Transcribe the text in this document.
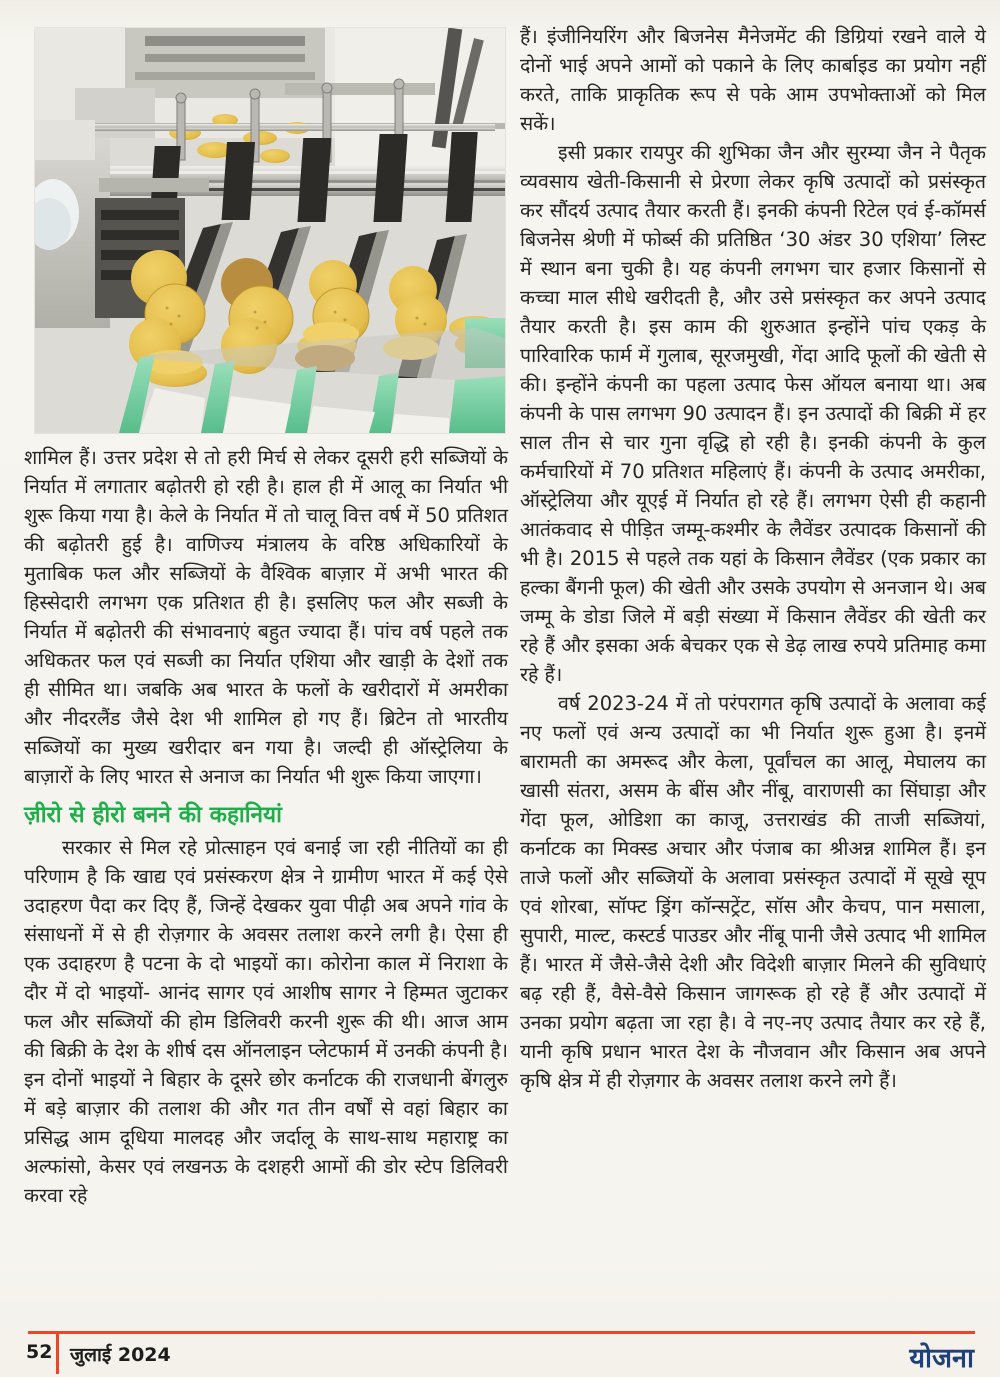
शामिल हैं। उत्तर प्रदेश से तो हरी मिर्च से लेकर दूसरी हरी सब्जियों के निर्यात में लगातार बढ़ोतरी हो रही है। हाल ही में आलू का निर्यात भी शुरू किया गया है। केले के निर्यात में तो चालू वित्त वर्ष में 50 प्रतिशत की बढ़ोतरी हुई है। वाणिज्य मंत्रालय के वरिष्ठ अधिकारियों के मुताबिक फल और सब्जियों के वैश्विक बाज़ार में अभी भारत की हिस्सेदारी लगभग एक प्रतिशत ही है। इसलिए फल और सब्जी के निर्यात में बढ़ोतरी की संभावनाएं बहुत ज्यादा हैं। पांच वर्ष पहले तक अधिकतर फल एवं सब्जी का निर्यात एशिया और खाड़ी के देशों तक ही सीमित था। जबकि अब भारत के फलों के खरीदारों में अमरीका और नीदरलैंड जैसे देश भी शामिल हो गए हैं। ब्रिटेन तो भारतीय सब्जियों का मुख्य खरीदार बन गया है। जल्दी ही ऑस्ट्रेलिया के बाज़ारों के लिए भारत से अनाज का निर्यात भी शुरू किया जाएगा।

ज़ीरो से हीरो बनने की कहानियां

सरकार से मिल रहे प्रोत्साहन एवं बनाई जा रही नीतियों का ही परिणाम है कि खाद्य एवं प्रसंस्करण क्षेत्र ने ग्रामीण भारत में कई ऐसे उदाहरण पैदा कर दिए हैं, जिन्हें देखकर युवा पीढ़ी अब अपने गांव के संसाधनों में से ही रोज़गार के अवसर तलाश करने लगी है। ऐसा ही एक उदाहरण है पटना के दो भाइयों का। कोरोना काल में निराशा के दौर में दो भाइयों- आनंद सागर एवं आशीष सागर ने हिम्मत जुटाकर फल और सब्जियों की होम डिलिवरी करनी शुरू की थी। आज आम की बिक्री के देश के शीर्ष दस ऑनलाइन प्लेटफार्म में उनकी कंपनी है। इन दोनों भाइयों ने बिहार के दूसरे छोर कर्नाटक की राजधानी बेंगलुरु में बड़े बाज़ार की तलाश की और गत तीन वर्षों से वहां बिहार का प्रसिद्ध आम दूधिया मालदह और जर्दालू के साथ-साथ महाराष्ट्र का अल्फांसो, केसर एवं लखनऊ के दशहरी आमों की डोर स्टेप डिलिवरी करवा रहे

हैं। इंजीनियरिंग और बिजनेस मैनेजमेंट की डिग्रियां रखने वाले ये दोनों भाई अपने आमों को पकाने के लिए कार्बाइड का प्रयोग नहीं करते, ताकि प्राकृतिक रूप से पके आम उपभोक्ताओं को मिल सकें।

इसी प्रकार रायपुर की शुभिका जैन और सुरम्या जैन ने पैतृक व्यवसाय खेती-किसानी से प्रेरणा लेकर कृषि उत्पादों को प्रसंस्कृत कर सौंदर्य उत्पाद तैयार करती हैं। इनकी कंपनी रिटेल एवं ई-कॉमर्स बिजनेस श्रेणी में फोर्ब्स की प्रतिष्ठित ‘30 अंडर 30 एशिया’ लिस्ट में स्थान बना चुकी है। यह कंपनी लगभग चार हजार किसानों से कच्चा माल सीधे खरीदती है, और उसे प्रसंस्कृत कर अपने उत्पाद तैयार करती है। इस काम की शुरुआत इन्होंने पांच एकड़ के पारिवारिक फार्म में गुलाब, सूरजमुखी, गेंदा आदि फूलों की खेती से की। इन्होंने कंपनी का पहला उत्पाद फेस ऑयल बनाया था। अब कंपनी के पास लगभग 90 उत्पादन हैं। इन उत्पादों की बिक्री में हर साल तीन से चार गुना वृद्धि हो रही है। इनकी कंपनी के कुल कर्मचारियों में 70 प्रतिशत महिलाएं हैं। कंपनी के उत्पाद अमरीका, ऑस्ट्रेलिया और यूएई में निर्यात हो रहे हैं। लगभग ऐसी ही कहानी आतंकवाद से पीड़ित जम्मू-कश्मीर के लैवेंडर उत्पादक किसानों की भी है। 2015 से पहले तक यहां के किसान लैवेंडर (एक प्रकार का हल्का बैंगनी फूल) की खेती और उसके उपयोग से अनजान थे। अब जम्मू के डोडा जिले में बड़ी संख्या में किसान लैवेंडर की खेती कर रहे हैं और इसका अर्क बेचकर एक से डेढ़ लाख रुपये प्रतिमाह कमा रहे हैं।

वर्ष 2023-24 में तो परंपरागत कृषि उत्पादों के अलावा कई नए फलों एवं अन्य उत्पादों का भी निर्यात शुरू हुआ है। इनमें बारामती का अमरूद और केला, पूर्वांचल का आलू, मेघालय का खासी संतरा, असम के बींस और नींबू, वाराणसी का सिंघाड़ा और गेंदा फूल, ओडिशा का काजू, उत्तराखंड की ताजी सब्जियां, कर्नाटक का मिक्स्ड अचार और पंजाब का श्रीअन्न शामिल हैं। इन ताजे फलों और सब्जियों के अलावा प्रसंस्कृत उत्पादों में सूखे सूप एवं शोरबा, सॉफ्ट ड्रिंग कॉन्सट्रेंट, सॉस और केचप, पान मसाला, सुपारी, माल्ट, कस्टर्ड पाउडर और नींबू पानी जैसे उत्पाद भी शामिल हैं। भारत में जैसे-जैसे देशी और विदेशी बाज़ार मिलने की सुविधाएं बढ़ रही हैं, वैसे-वैसे किसान जागरूक हो रहे हैं और उत्पादों में उनका प्रयोग बढ़ता जा रहा है। वे नए-नए उत्पाद तैयार कर रहे हैं, यानी कृषि प्रधान भारत देश के नौजवान और किसान अब अपने कृषि क्षेत्र में ही रोज़गार के अवसर तलाश करने लगे हैं।

52 जुलाई 2024	योजना
